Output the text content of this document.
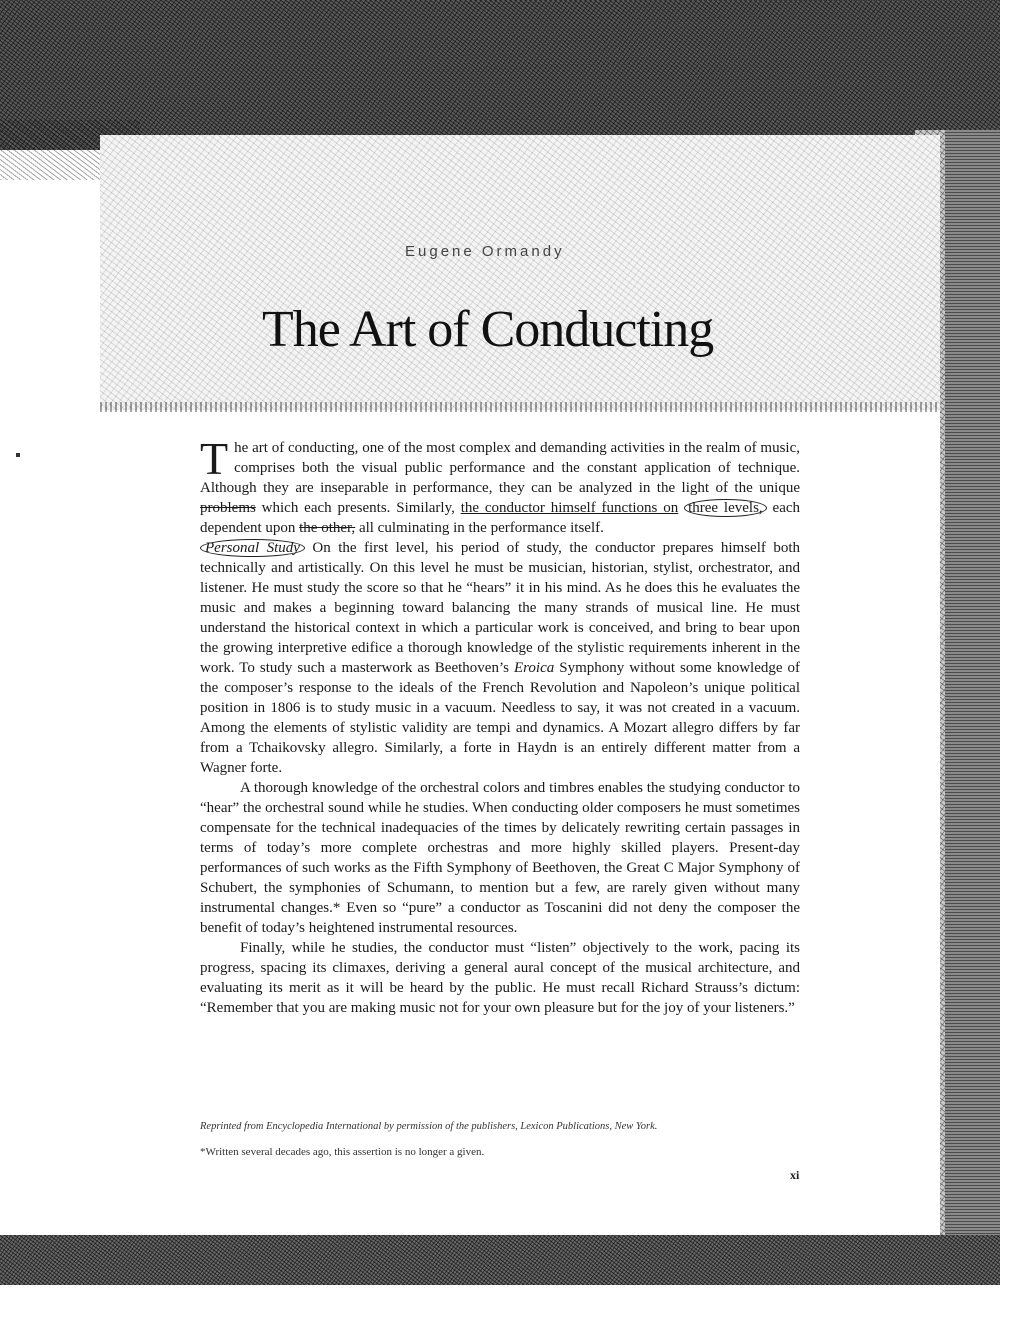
Eugene Ormandy
The Art of Conducting

The art of conducting, one of the most complex and demanding activities in the realm of music, comprises both the visual public performance and the constant application of technique. Although they are inseparable in performance, they can be analyzed in the light of the unique problems which each presents. Similarly, the conductor himself functions on three levels, each dependent upon the other, all culminating in the performance itself.

Personal Study On the first level, his period of study, the conductor prepares himself both technically and artistically. On this level he must be musician, historian, stylist, orchestrator, and listener. He must study the score so that he “hears” it in his mind. As he does this he evaluates the music and makes a beginning toward balancing the many strands of musical line. He must understand the historical context in which a particular work is conceived, and bring to bear upon the growing interpretive edifice a thorough knowledge of the stylistic requirements inherent in the work. To study such a masterwork as Beethoven’s Eroica Symphony without some knowledge of the composer’s response to the ideals of the French Revolution and Napoleon’s unique political position in 1806 is to study music in a vacuum. Needless to say, it was not created in a vacuum. Among the elements of stylistic validity are tempi and dynamics. A Mozart allegro differs by far from a Tchaikovsky allegro. Similarly, a forte in Haydn is an entirely different matter from a Wagner forte.

A thorough knowledge of the orchestral colors and timbres enables the studying conductor to “hear” the orchestral sound while he studies. When conducting older composers he must sometimes compensate for the technical inadequacies of the times by delicately rewriting certain passages in terms of today’s more complete orchestras and more highly skilled players. Present-day performances of such works as the Fifth Symphony of Beethoven, the Great C Major Symphony of Schubert, the symphonies of Schumann, to mention but a few, are rarely given without many instrumental changes.* Even so “pure” a conductor as Toscanini did not deny the composer the benefit of today’s heightened instrumental resources.

Finally, while he studies, the conductor must “listen” objectively to the work, pacing its progress, spacing its climaxes, deriving a general aural concept of the musical architecture, and evaluating its merit as it will be heard by the public. He must recall Richard Strauss’s dictum: “Remember that you are making music not for your own pleasure but for the joy of your listeners.”

Reprinted from Encyclopedia International by permission of the publishers, Lexicon Publications, New York.
*Written several decades ago, this assertion is no longer a given.
xi
